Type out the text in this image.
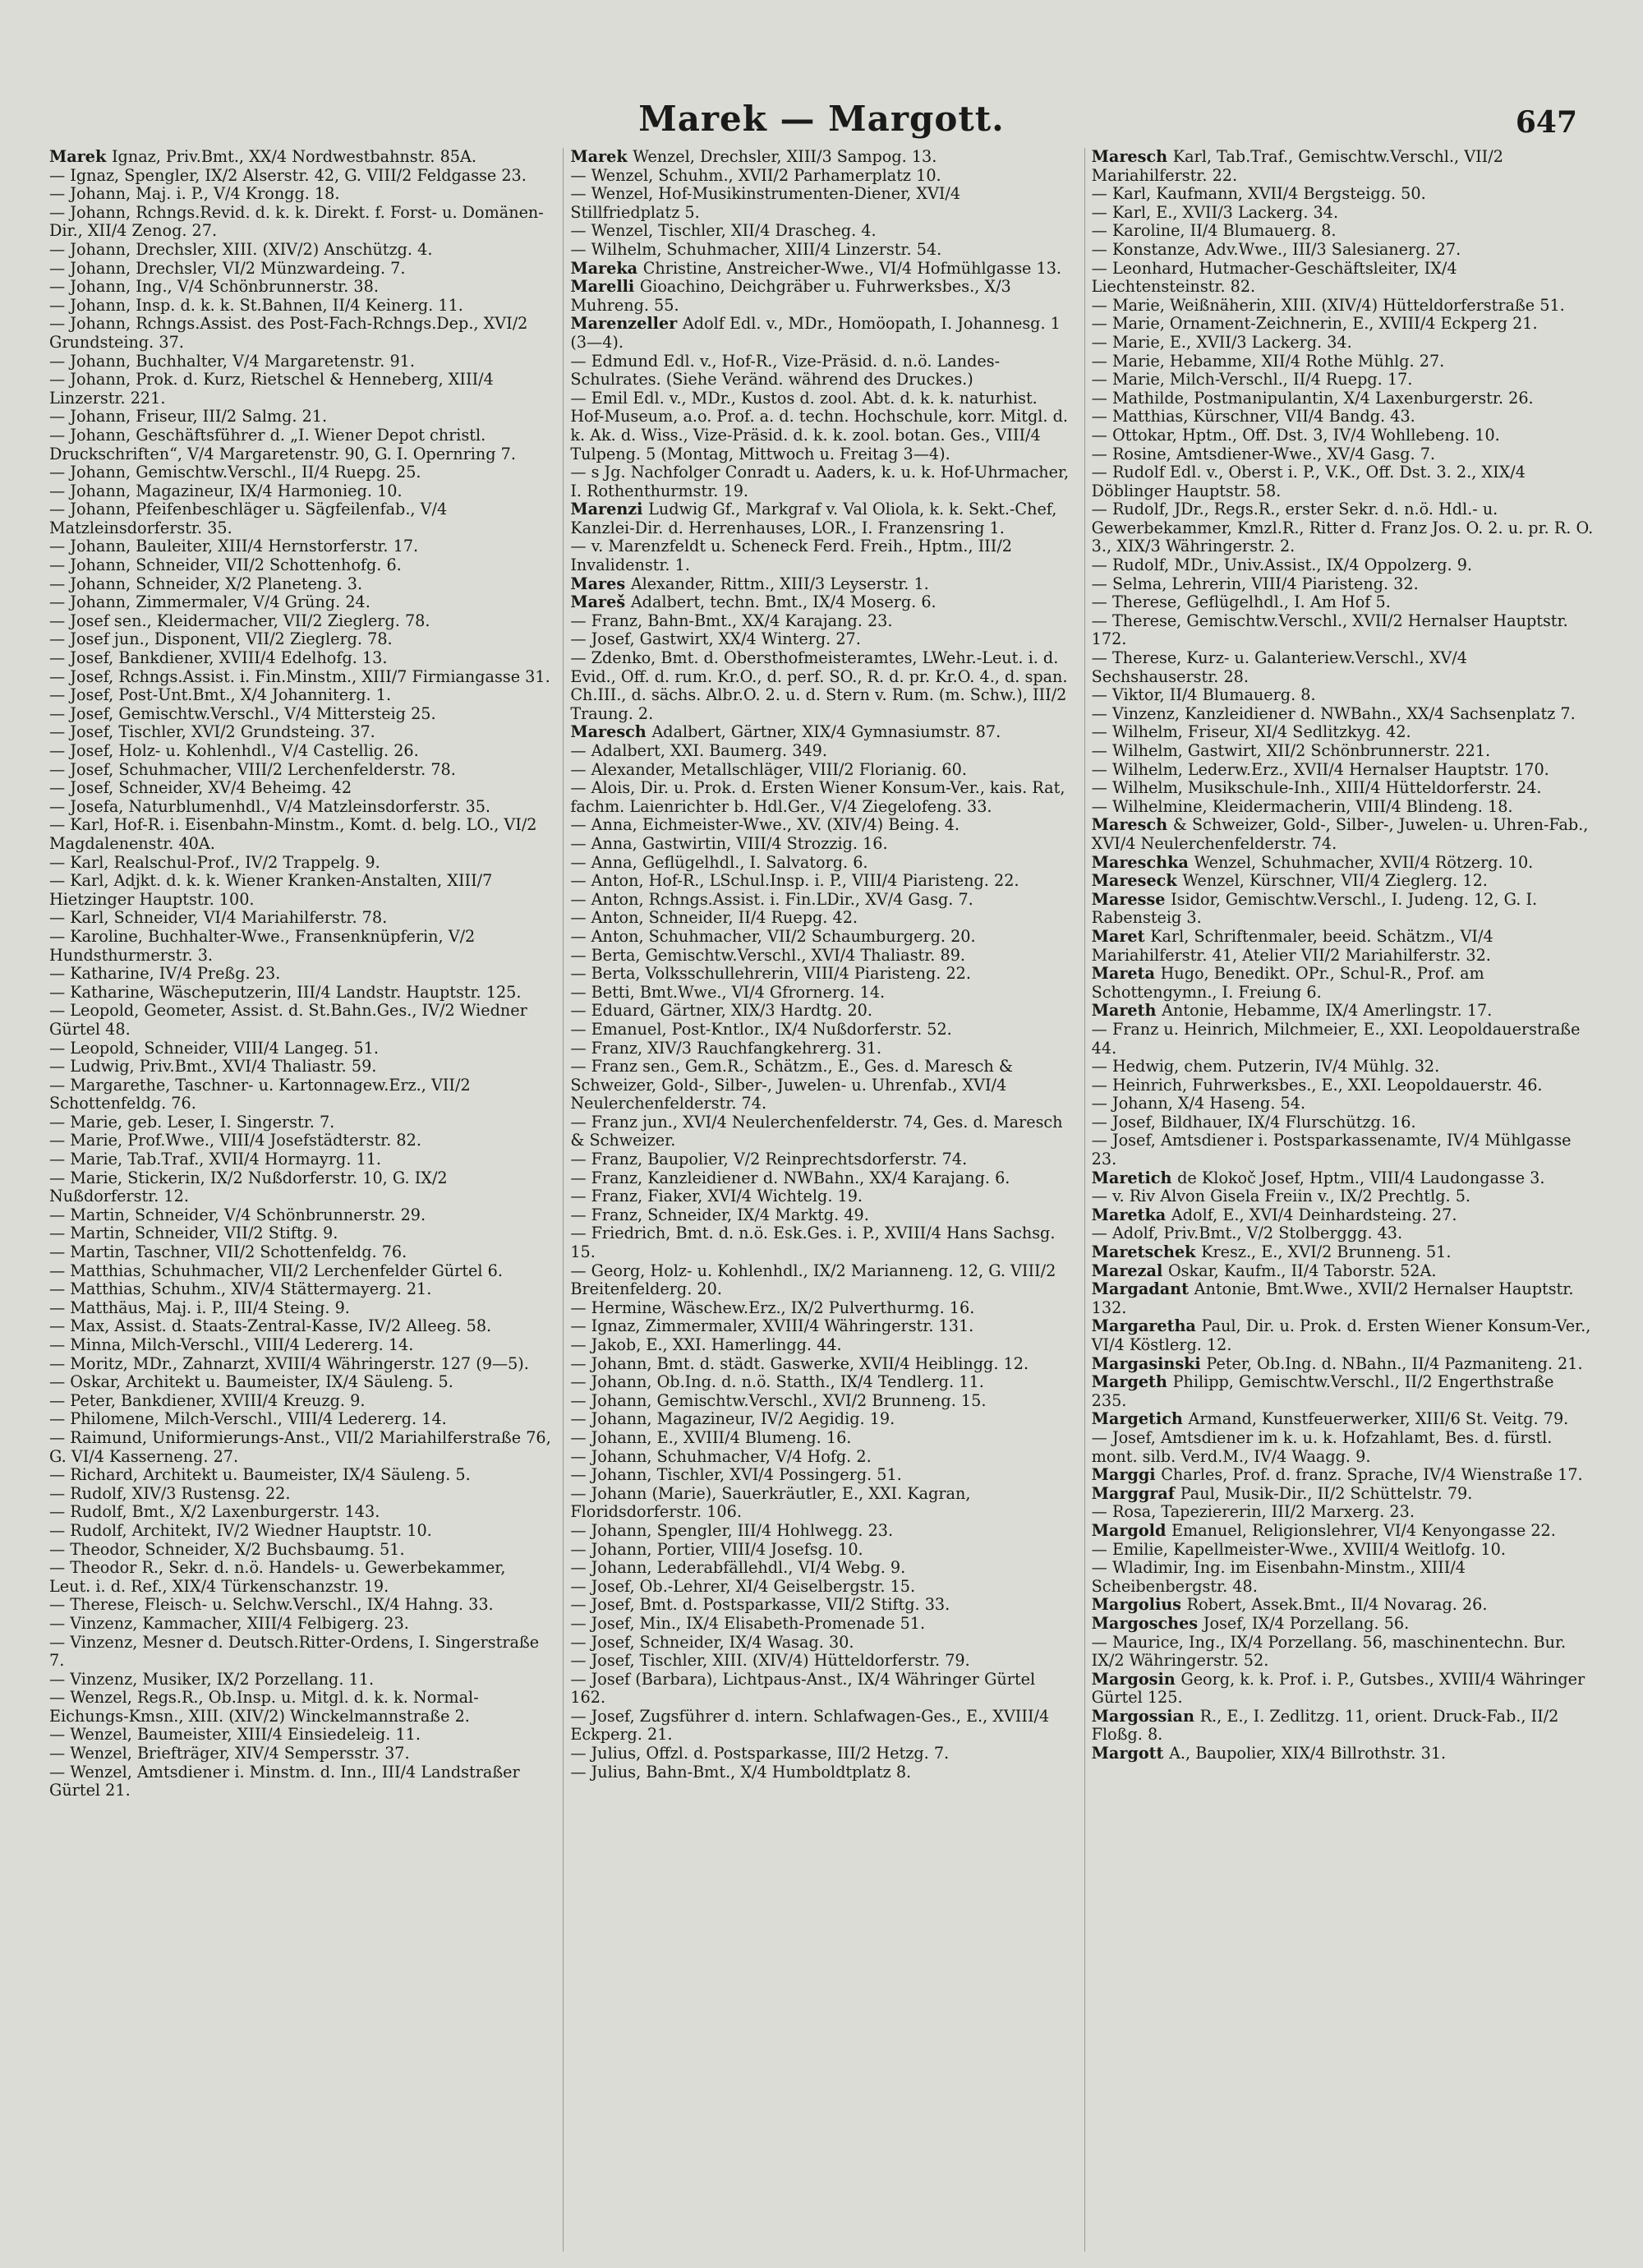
Marek — Margott.	647
Marek Ignaz, Priv.Bmt., XX/4 Nordwestbahnstr. 85A.
— Ignaz, Spengler, IX/2 Alserstr. 42, G. VIII/2 Feldgasse 23.
— Johann, Maj. i. P., V/4 Krongg. 18.
— Johann, Rchngs.Revid. d. k. k. Direkt. f. Forst- u. Domänen-Dir., XII/4 Zenog. 27.
— Johann, Drechsler, XIII. (XIV/2) Anschützg. 4.
— Johann, Drechsler, VI/2 Münzwardeing. 7.
— Johann, Ing., V/4 Schönbrunnerstr. 38.
— Johann, Insp. d. k. k. St.Bahnen, II/4 Keinerg. 11.
— Johann, Rchngs.Assist. des Post-Fach-Rchngs.Dep., XVI/2 Grundsteing. 37.
— Johann, Buchhalter, V/4 Margaretenstr. 91.
— Johann, Prok. d. Kurz, Rietschel & Henneberg, XIII/4 Linzerstr. 221.
— Johann, Friseur, III/2 Salmg. 21.
— Johann, Geschäftsführer d. „I. Wiener Depot christl. Druckschriften“, V/4 Margaretenstr. 90, G. I. Opernring 7.
— Johann, Gemischtw.Verschl., II/4 Ruepg. 25.
— Johann, Magazineur, IX/4 Harmonieg. 10.
— Johann, Pfeifenbeschläger u. Sägfeilenfab., V/4 Matzleinsdorferstr. 35.
— Johann, Bauleiter, XIII/4 Hernstorferstr. 17.
— Johann, Schneider, VII/2 Schottenhofg. 6.
— Johann, Schneider, X/2 Planeteng. 3.
— Johann, Zimmermaler, V/4 Grüng. 24.
— Josef sen., Kleidermacher, VII/2 Zieglerg. 78.
— Josef jun., Disponent, VII/2 Zieglerg. 78.
— Josef, Bankdiener, XVIII/4 Edelhofg. 13.
— Josef, Rchngs.Assist. i. Fin.Minstm., XIII/7 Firmiangasse 31.
— Josef, Post-Unt.Bmt., X/4 Johanniterg. 1.
— Josef, Gemischtw.Verschl., V/4 Mittersteig 25.
— Josef, Tischler, XVI/2 Grundsteing. 37.
— Josef, Holz- u. Kohlenhdl., V/4 Castellig. 26.
— Josef, Schuhmacher, VIII/2 Lerchenfelderstr. 78.
— Josef, Schneider, XV/4 Beheimg. 42
— Josefa, Naturblumenhdl., V/4 Matzleinsdorferstr. 35.
— Karl, Hof-R. i. Eisenbahn-Minstm., Komt. d. belg. LO., VI/2 Magdalenenstr. 40A.
— Karl, Realschul-Prof., IV/2 Trappelg. 9.
— Karl, Adjkt. d. k. k. Wiener Kranken-Anstalten, XIII/7 Hietzinger Hauptstr. 100.
— Karl, Schneider, VI/4 Mariahilferstr. 78.
— Karoline, Buchhalter-Wwe., Fransenknüpferin, V/2 Hundsthurmerstr. 3.
— Katharine, IV/4 Preßg. 23.
— Katharine, Wäscheputzerin, III/4 Landstr. Hauptstr. 125.
— Leopold, Geometer, Assist. d. St.Bahn.Ges., IV/2 Wiedner Gürtel 48.
— Leopold, Schneider, VIII/4 Langeg. 51.
— Ludwig, Priv.Bmt., XVI/4 Thaliastr. 59.
— Margarethe, Taschner- u. Kartonnagew.Erz., VII/2 Schottenfeldg. 76.
— Marie, geb. Leser, I. Singerstr. 7.
— Marie, Prof.Wwe., VIII/4 Josefstädterstr. 82.
— Marie, Tab.Traf., XVII/4 Hormayrg. 11.
— Marie, Stickerin, IX/2 Nußdorferstr. 10, G. IX/2 Nußdorferstr. 12.
— Martin, Schneider, V/4 Schönbrunnerstr. 29.
— Martin, Schneider, VII/2 Stiftg. 9.
— Martin, Taschner, VII/2 Schottenfeldg. 76.
— Matthias, Schuhmacher, VII/2 Lerchenfelder Gürtel 6.
— Matthias, Schuhm., XIV/4 Stättermayerg. 21.
— Matthäus, Maj. i. P., III/4 Steing. 9.
— Max, Assist. d. Staats-Zentral-Kasse, IV/2 Alleeg. 58.
— Minna, Milch-Verschl., VIII/4 Ledererg. 14.
— Moritz, MDr., Zahnarzt, XVIII/4 Währingerstr. 127 (9—5).
— Oskar, Architekt u. Baumeister, IX/4 Säuleng. 5.
— Peter, Bankdiener, XVIII/4 Kreuzg. 9.
— Philomene, Milch-Verschl., VIII/4 Ledererg. 14.
— Raimund, Uniformierungs-Anst., VII/2 Mariahilferstraße 76, G. VI/4 Kasserneng. 27.
— Richard, Architekt u. Baumeister, IX/4 Säuleng. 5.
— Rudolf, XIV/3 Rustensg. 22.
— Rudolf, Bmt., X/2 Laxenburgerstr. 143.
— Rudolf, Architekt, IV/2 Wiedner Hauptstr. 10.
— Theodor, Schneider, X/2 Buchsbaumg. 51.
— Theodor R., Sekr. d. n.ö. Handels- u. Gewerbekammer, Leut. i. d. Ref., XIX/4 Türkenschanzstr. 19.
— Therese, Fleisch- u. Selchw.Verschl., IX/4 Hahng. 33.
— Vinzenz, Kammacher, XIII/4 Felbigerg. 23.
— Vinzenz, Mesner d. Deutsch.Ritter-Ordens, I. Singerstraße 7.
— Vinzenz, Musiker, IX/2 Porzellang. 11.
— Wenzel, Regs.R., Ob.Insp. u. Mitgl. d. k. k. Normal-Eichungs-Kmsn., XIII. (XIV/2) Winckelmannstraße 2.
— Wenzel, Baumeister, XIII/4 Einsiedeleig. 11.
— Wenzel, Briefträger, XIV/4 Sempersstr. 37.
— Wenzel, Amtsdiener i. Minstm. d. Inn., III/4 Landstraßer Gürtel 21.
Marek Wenzel, Drechsler, XIII/3 Sampog. 13.
— Wenzel, Schuhm., XVII/2 Parhamerplatz 10.
— Wenzel, Hof-Musikinstrumenten-Diener, XVI/4 Stillfriedplatz 5.
— Wenzel, Tischler, XII/4 Drascheg. 4.
— Wilhelm, Schuhmacher, XIII/4 Linzerstr. 54.
Mareka Christine, Anstreicher-Wwe., VI/4 Hofmühlgasse 13.
Marelli Gioachino, Deichgräber u. Fuhrwerksbes., X/3 Muhreng. 55.
Marenzeller Adolf Edl. v., MDr., Homöopath, I. Johannesg. 1 (3—4).
— Edmund Edl. v., Hof-R., Vize-Präsid. d. n.ö. Landes-Schulrates. (Siehe Veränd. während des Druckes.)
— Emil Edl. v., MDr., Kustos d. zool. Abt. d. k. k. naturhist. Hof-Museum, a.o. Prof. a. d. techn. Hochschule, korr. Mitgl. d. k. Ak. d. Wiss., Vize-Präsid. d. k. k. zool. botan. Ges., VIII/4 Tulpeng. 5 (Montag, Mittwoch u. Freitag 3—4).
— s Jg. Nachfolger Conradt u. Aaders, k. u. k. Hof-Uhrmacher, I. Rothenthurmstr. 19.
Marenzi Ludwig Gf., Markgraf v. Val Oliola, k. k. Sekt.-Chef, Kanzlei-Dir. d. Herrenhauses, LOR., I. Franzensring 1.
— v. Marenzfeldt u. Scheneck Ferd. Freih., Hptm., III/2 Invalidenstr. 1.
Mares Alexander, Rittm., XIII/3 Leyserstr. 1.
Mareš Adalbert, techn. Bmt., IX/4 Moserg. 6.
— Franz, Bahn-Bmt., XX/4 Karajang. 23.
— Josef, Gastwirt, XX/4 Winterg. 27.
— Zdenko, Bmt. d. Obersthofmeisteramtes, LWehr.-Leut. i. d. Evid., Off. d. rum. Kr.O., d. perf. SO., R. d. pr. Kr.O. 4., d. span. Ch.III., d. sächs. Albr.O. 2. u. d. Stern v. Rum. (m. Schw.), III/2 Traung. 2.
Maresch Adalbert, Gärtner, XIX/4 Gymnasiumstr. 87.
— Adalbert, XXI. Baumerg. 349.
— Alexander, Metallschläger, VIII/2 Florianig. 60.
— Alois, Dir. u. Prok. d. Ersten Wiener Konsum-Ver., kais. Rat, fachm. Laienrichter b. Hdl.Ger., V/4 Ziegelofeng. 33.
— Anna, Eichmeister-Wwe., XV. (XIV/4) Being. 4.
— Anna, Gastwirtin, VIII/4 Strozzig. 16.
— Anna, Geflügelhdl., I. Salvatorg. 6.
— Anton, Hof-R., LSchul.Insp. i. P., VIII/4 Piaristeng. 22.
— Anton, Rchngs.Assist. i. Fin.LDir., XV/4 Gasg. 7.
— Anton, Schneider, II/4 Ruepg. 42.
— Anton, Schuhmacher, VII/2 Schaumburgerg. 20.
— Berta, Gemischtw.Verschl., XVI/4 Thaliastr. 89.
— Berta, Volksschullehrerin, VIII/4 Piaristeng. 22.
— Betti, Bmt.Wwe., VI/4 Gfrornerg. 14.
— Eduard, Gärtner, XIX/3 Hardtg. 20.
— Emanuel, Post-Kntlor., IX/4 Nußdorferstr. 52.
— Franz, XIV/3 Rauchfangkehrerg. 31.
— Franz sen., Gem.R., Schätzm., E., Ges. d. Maresch & Schweizer, Gold-, Silber-, Juwelen- u. Uhrenfab., XVI/4 Neulerchenfelderstr. 74.
— Franz jun., XVI/4 Neulerchenfelderstr. 74, Ges. d. Maresch & Schweizer.
— Franz, Baupolier, V/2 Reinprechtsdorferstr. 74.
— Franz, Kanzleidiener d. NWBahn., XX/4 Karajang. 6.
— Franz, Fiaker, XVI/4 Wichtelg. 19.
— Franz, Schneider, IX/4 Marktg. 49.
— Friedrich, Bmt. d. n.ö. Esk.Ges. i. P., XVIII/4 Hans Sachsg. 15.
— Georg, Holz- u. Kohlenhdl., IX/2 Marianneng. 12, G. VIII/2 Breitenfelderg. 20.
— Hermine, Wäschew.Erz., IX/2 Pulverthurmg. 16.
— Ignaz, Zimmermaler, XVIII/4 Währingerstr. 131.
— Jakob, E., XXI. Hamerlingg. 44.
— Johann, Bmt. d. städt. Gaswerke, XVII/4 Heiblingg. 12.
— Johann, Ob.Ing. d. n.ö. Statth., IX/4 Tendlerg. 11.
— Johann, Gemischtw.Verschl., XVI/2 Brunneng. 15.
— Johann, Magazineur, IV/2 Aegidig. 19.
— Johann, E., XVIII/4 Blumeng. 16.
— Johann, Schuhmacher, V/4 Hofg. 2.
— Johann, Tischler, XVI/4 Possingerg. 51.
— Johann (Marie), Sauerkräutler, E., XXI. Kagran, Floridsdorferstr. 106.
— Johann, Spengler, III/4 Hohlwegg. 23.
— Johann, Portier, VIII/4 Josefsg. 10.
— Johann, Lederabfällehdl., VI/4 Webg. 9.
— Josef, Ob.-Lehrer, XI/4 Geiselbergstr. 15.
— Josef, Bmt. d. Postsparkasse, VII/2 Stiftg. 33.
— Josef, Min., IX/4 Elisabeth-Promenade 51.
— Josef, Schneider, IX/4 Wasag. 30.
— Josef, Tischler, XIII. (XIV/4) Hütteldorferstr. 79.
— Josef (Barbara), Lichtpaus-Anst., IX/4 Währinger Gürtel 162.
— Josef, Zugsführer d. intern. Schlafwagen-Ges., E., XVIII/4 Eckperg. 21.
— Julius, Offzl. d. Postsparkasse, III/2 Hetzg. 7.
— Julius, Bahn-Bmt., X/4 Humboldtplatz 8.
Maresch Karl, Tab.Traf., Gemischtw.Verschl., VII/2 Mariahilferstr. 22.
— Karl, Kaufmann, XVII/4 Bergsteigg. 50.
— Karl, E., XVII/3 Lackerg. 34.
— Karoline, II/4 Blumauerg. 8.
— Konstanze, Adv.Wwe., III/3 Salesianerg. 27.
— Leonhard, Hutmacher-Geschäftsleiter, IX/4 Liechtensteinstr. 82.
— Marie, Weißnäherin, XIII. (XIV/4) Hütteldorferstraße 51.
— Marie, Ornament-Zeichnerin, E., XVIII/4 Eckperg 21.
— Marie, E., XVII/3 Lackerg. 34.
— Marie, Hebamme, XII/4 Rothe Mühlg. 27.
— Marie, Milch-Verschl., II/4 Ruepg. 17.
— Mathilde, Postmanipulantin, X/4 Laxenburgerstr. 26.
— Matthias, Kürschner, VII/4 Bandg. 43.
— Ottokar, Hptm., Off. Dst. 3, IV/4 Wohllebeng. 10.
— Rosine, Amtsdiener-Wwe., XV/4 Gasg. 7.
— Rudolf Edl. v., Oberst i. P., V.K., Off. Dst. 3. 2., XIX/4 Döblinger Hauptstr. 58.
— Rudolf, JDr., Regs.R., erster Sekr. d. n.ö. Hdl.- u. Gewerbekammer, Kmzl.R., Ritter d. Franz Jos. O. 2. u. pr. R. O. 3., XIX/3 Währingerstr. 2.
— Rudolf, MDr., Univ.Assist., IX/4 Oppolzerg. 9.
— Selma, Lehrerin, VIII/4 Piaristeng. 32.
— Therese, Geflügelhdl., I. Am Hof 5.
— Therese, Gemischtw.Verschl., XVII/2 Hernalser Hauptstr. 172.
— Therese, Kurz- u. Galanteriew.Verschl., XV/4 Sechshauserstr. 28.
— Viktor, II/4 Blumauerg. 8.
— Vinzenz, Kanzleidiener d. NWBahn., XX/4 Sachsenplatz 7.
— Wilhelm, Friseur, XI/4 Sedlitzkyg. 42.
— Wilhelm, Gastwirt, XII/2 Schönbrunnerstr. 221.
— Wilhelm, Lederw.Erz., XVII/4 Hernalser Hauptstr. 170.
— Wilhelm, Musikschule-Inh., XIII/4 Hütteldorferstr. 24.
— Wilhelmine, Kleidermacherin, VIII/4 Blindeng. 18.
Maresch & Schweizer, Gold-, Silber-, Juwelen- u. Uhren-Fab., XVI/4 Neulerchenfelderstr. 74.
Mareschka Wenzel, Schuhmacher, XVII/4 Rötzerg. 10.
Mareseck Wenzel, Kürschner, VII/4 Zieglerg. 12.
Maresse Isidor, Gemischtw.Verschl., I. Judeng. 12, G. I. Rabensteig 3.
Maret Karl, Schriftenmaler, beeid. Schätzm., VI/4 Mariahilferstr. 41, Atelier VII/2 Mariahilferstr. 32.
Mareta Hugo, Benedikt. OPr., Schul-R., Prof. am Schottengymn., I. Freiung 6.
Mareth Antonie, Hebamme, IX/4 Amerlingstr. 17.
— Franz u. Heinrich, Milchmeier, E., XXI. Leopoldauerstraße 44.
— Hedwig, chem. Putzerin, IV/4 Mühlg. 32.
— Heinrich, Fuhrwerksbes., E., XXI. Leopoldauerstr. 46.
— Johann, X/4 Haseng. 54.
— Josef, Bildhauer, IX/4 Flurschützg. 16.
— Josef, Amtsdiener i. Postsparkassenamte, IV/4 Mühlgasse 23.
Maretich de Klokoč Josef, Hptm., VIII/4 Laudongasse 3.
— v. Riv Alvon Gisela Freiin v., IX/2 Prechtlg. 5.
Maretka Adolf, E., XVI/4 Deinhardsteing. 27.
— Adolf, Priv.Bmt., V/2 Stolberggg. 43.
Maretschek Kresz., E., XVI/2 Brunneng. 51.
Marezal Oskar, Kaufm., II/4 Taborstr. 52A.
Margadant Antonie, Bmt.Wwe., XVII/2 Hernalser Hauptstr. 132.
Margaretha Paul, Dir. u. Prok. d. Ersten Wiener Konsum-Ver., VI/4 Köstlerg. 12.
Margasinski Peter, Ob.Ing. d. NBahn., II/4 Pazmaniteng. 21.
Margeth Philipp, Gemischtw.Verschl., II/2 Engerthstraße 235.
Margetich Armand, Kunstfeuerwerker, XIII/6 St. Veitg. 79.
— Josef, Amtsdiener im k. u. k. Hofzahlamt, Bes. d. fürstl. mont. silb. Verd.M., IV/4 Waagg. 9.
Marggi Charles, Prof. d. franz. Sprache, IV/4 Wienstraße 17.
Marggraf Paul, Musik-Dir., II/2 Schüttelstr. 79.
— Rosa, Tapeziererin, III/2 Marxerg. 23.
Margold Emanuel, Religionslehrer, VI/4 Kenyongasse 22.
— Emilie, Kapellmeister-Wwe., XVIII/4 Weitlofg. 10.
— Wladimir, Ing. im Eisenbahn-Minstm., XIII/4 Scheibenbergstr. 48.
Margolius Robert, Assek.Bmt., II/4 Novarag. 26.
Margosches Josef, IX/4 Porzellang. 56.
— Maurice, Ing., IX/4 Porzellang. 56, maschinentechn. Bur. IX/2 Währingerstr. 52.
Margosin Georg, k. k. Prof. i. P., Gutsbes., XVIII/4 Währinger Gürtel 125.
Margossian R., E., I. Zedlitzg. 11, orient. Druck-Fab., II/2 Floßg. 8.
Margott A., Baupolier, XIX/4 Billrothstr. 31.
